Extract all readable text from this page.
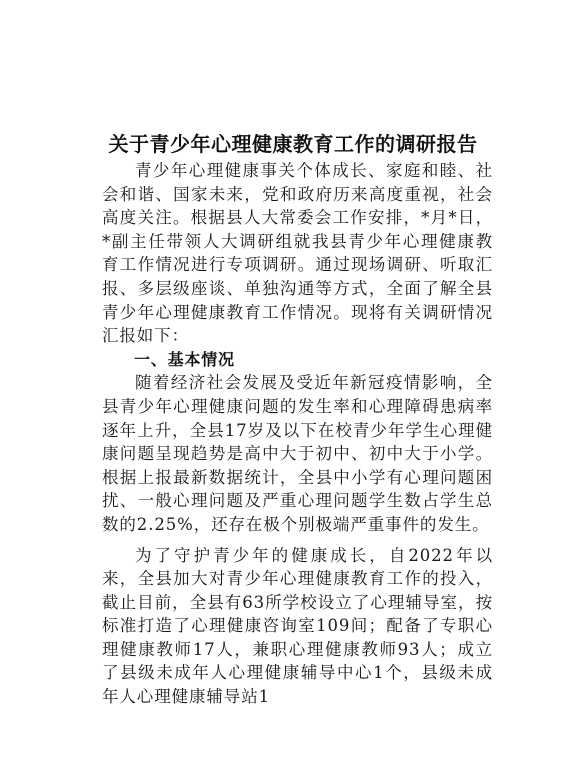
关于青少年心理健康教育工作的调研报告

青少年心理健康事关个体成长、家庭和睦、社会和谐、国家未来，党和政府历来高度重视，社会高度关注。根据县人大常委会工作安排，*月*日，*副主任带领人大调研组就我县青少年心理健康教育工作情况进行专项调研。通过现场调研、听取汇报、多层级座谈、单独沟通等方式，全面了解全县青少年心理健康教育工作情况。现将有关调研情况汇报如下：

一、基本情况

随着经济社会发展及受近年新冠疫情影响，全县青少年心理健康问题的发生率和心理障碍患病率逐年上升，全县17岁及以下在校青少年学生心理健康问题呈现趋势是高中大于初中、初中大于小学。根据上报最新数据统计，全县中小学有心理问题困扰、一般心理问题及严重心理问题学生数占学生总数的2.25%，还存在极个别极端严重事件的发生。

为了守护青少年的健康成长，自2022年以来，全县加大对青少年心理健康教育工作的投入，截止目前，全县有63所学校设立了心理辅导室，按标准打造了心理健康咨询室109间；配备了专职心理健康教师17人，兼职心理健康教师93人；成立了县级未成年人心理健康辅导中心1个，县级未成年人心理健康辅导站1
